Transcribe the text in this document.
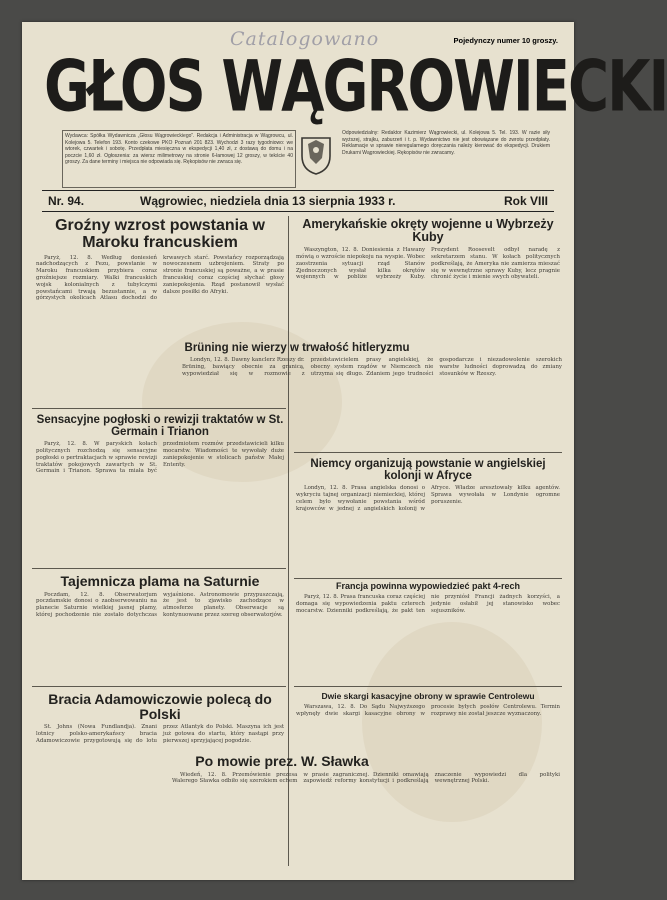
Catalogowano	Pojedynczy numer 10 groszy.
GŁOS WĄGROWIECKI
Wydawca: Spółka Wydawnicza „Głosu Wągrowieckiego”. Redakcja i Administracja w Wągrowcu, ul. Kolejowa 5. Telefon 193. Konto czekowe PKO Poznań 201 823. Wychodzi 3 razy tygodniowo: we wtorek, czwartek i sobotę. Przedpłata miesięczna w ekspedycji 1,40 zł, z dostawą do domu i na poczcie 1,60 zł. Ogłoszenia: za wiersz milimetrowy na stronie 6-łamowej 12 groszy, w tekście 40 groszy. Za dane terminy i miejsca nie odpowiada się. Rękopisów nie zwraca się.
Odpowiedzialny: Redaktor Kazimierz Wągrowiecki, ul. Kolejowa 5. Tel. 193. W razie siły wyższej, strajku, zaburzeń i t. p. Wydawnictwo nie jest obowiązane do zwrotu przedpłaty. Reklamacje w sprawie nieregularnego doręczania należy kierować do ekspedycji. Drukiem Drukarni Wągrowieckiej. Rękopisów nie zwracamy.
Nr. 94.	Wągrowiec, niedziela dnia 13 sierpnia 1933 r.	Rok VIII
Groźny wzrost powstania w Maroku francuskiem

Paryż, 12. 8. Według doniesień nadchodzących z Fezu, powstanie w Maroku francuskiem przybiera coraz groźniejsze rozmiary. Walki francuskich wojsk kolonialnych z tubylczymi powstańcami trwają bezustannie, a w górzystych okolicach Atlasu dochodzi do krwawych starć. Powstańcy rozporządzają nowoczesnem uzbrojeniem. Straty po stronie francuskiej są poważne, a w prasie francuskiej coraz częściej słychać głosy zaniepokojenia. Rząd postanowił wysłać dalsze posiłki do Afryki.

Amerykańskie okręty wojenne u Wybrzeży Kuby

Waszyngton, 12. 8. Doniesienia z Hawany mówią o wzroście niepokoju na wyspie. Wobec zaostrzenia sytuacji rząd Stanów Zjednoczonych wysłał kilka okrętów wojennych w pobliże wybrzeży Kuby. Prezydent Roosevelt odbył naradę z sekretarzem stanu. W kołach politycznych podkreślają, że Ameryka nie zamierza mieszać się w wewnętrzne sprawy Kuby, lecz pragnie chronić życie i mienie swych obywateli.

Brüning nie wierzy w trwałość hitleryzmu

Londyn, 12. 8. Dawny kanclerz Rzeszy dr. Brüning, bawiący obecnie za granicą, wypowiedział się w rozmowie z przedstawicielem prasy angielskiej, że obecny system rządów w Niemczech nie utrzyma się długo. Zdaniem jego trudności gospodarcze i niezadowolenie szerokich warstw ludności doprowadzą do zmiany stosunków w Rzeszy.

Sensacyjne pogłoski o rewizji traktatów w St. Germain i Trianon

Paryż, 12. 8. W paryskich kołach politycznych rozchodzą się sensacyjne pogłoski o pertraktacjach w sprawie rewizji traktatów pokojowych zawartych w St. Germain i Trianon. Sprawa ta miała być przedmiotem rozmów przedstawicieli kilku mocarstw. Wiadomości te wywołały duże zaniepokojenie w stolicach państw Małej Ententy.	Niemcy organizują powstanie w angielskiej kolonji w Afryce

Londyn, 12. 8. Prasa angielska donosi o wykryciu tajnej organizacji niemieckiej, której celem było wywołanie powstania wśród krajowców w jednej z angielskich kolonij w Afryce. Władze aresztowały kilku agentów. Sprawa wywołała w Londynie ogromne poruszenie.

Tajemnicza plama na Saturnie

Poczdam, 12. 8. Obserwatorjum poczdamskie donosi o zaobserwowaniu na planecie Saturnie wielkiej jasnej plamy, której pochodzenie nie zostało dotychczas wyjaśnione. Astronomowie przypuszczają, że jest to zjawisko zachodzące w atmosferze planety. Obserwacje są kontynuowane przez szereg obserwatorjów.

Francja powinna wypowiedzieć pakt 4-rech

Paryż, 12. 8. Prasa francuska coraz częściej domaga się wypowiedzenia paktu czterech mocarstw. Dzienniki podkreślają, że pakt ten nie przyniósł Francji żadnych korzyści, a jedynie osłabił jej stanowisko wobec sojuszników.

Bracia Adamowiczowie polecą do Polski

St. Johns (Nowa Fundlandja). Znani lotnicy polsko-amerykańscy bracia Adamowiczowie przygotowują się do lotu przez Atlantyk do Polski. Maszyna ich jest już gotowa do startu, który nastąpi przy pierwszej sprzyjającej pogodzie.

Dwie skargi kasacyjne obrony w sprawie Centrolewu

Warszawa, 12. 8. Do Sądu Najwyższego wpłynęły dwie skargi kasacyjne obrony w procesie byłych posłów Centrolewu. Termin rozprawy nie został jeszcze wyznaczony.

Po mowie prez. W. Sławka

Wiedeń, 12. 8. Przemówienie prezesa Walerego Sławka odbiło się szerokiem echem w prasie zagranicznej. Dzienniki omawiają zapowiedź reformy konstytucji i podkreślają znaczenie wypowiedzi dla polityki wewnętrznej Polski.
